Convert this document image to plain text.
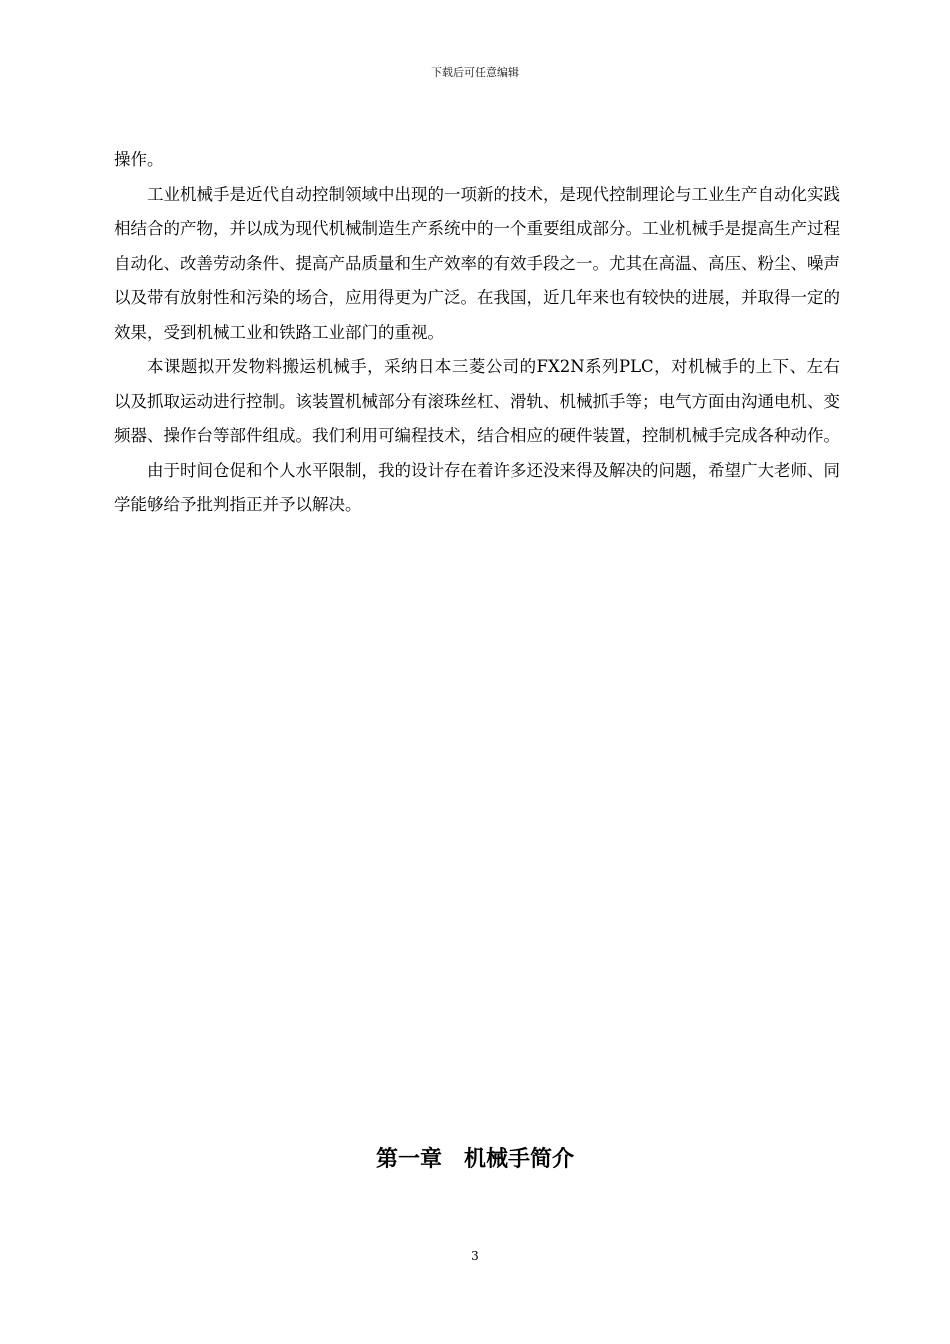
下载后可任意编辑

操作。

工业机械手是近代自动控制领域中出现的一项新的技术，是现代控制理论与工业生产自动化实践相结合的产物，并以成为现代机械制造生产系统中的一个重要组成部分。工业机械手是提高生产过程自动化、改善劳动条件、提高产品质量和生产效率的有效手段之一。尤其在高温、高压、粉尘、噪声以及带有放射性和污染的场合，应用得更为广泛。在我国，近几年来也有较快的进展，并取得一定的效果，受到机械工业和铁路工业部门的重视。

本课题拟开发物料搬运机械手，采纳日本三菱公司的FX2N系列PLC，对机械手的上下、左右以及抓取运动进行控制。该装置机械部分有滚珠丝杠、滑轨、机械抓手等；电气方面由沟通电机、变频器、操作台等部件组成。我们利用可编程技术，结合相应的硬件装置，控制机械手完成各种动作。

由于时间仓促和个人水平限制，我的设计存在着许多还没来得及解决的问题，希望广大老师、同学能够给予批判指正并予以解决。

第一章　机械手简介
3
